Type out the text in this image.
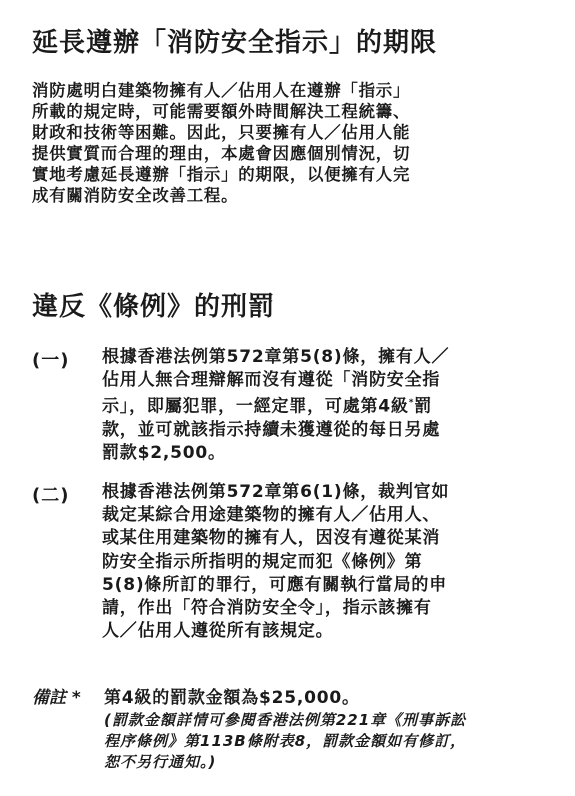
延長遵辦「消防安全指示」的期限
消防處明白建築物擁有人／佔用人在遵辦「指示」
所載的規定時，可能需要額外時間解決工程統籌、
財政和技術等困難。因此，只要擁有人／佔用人能
提供實質而合理的理由，本處會因應個別情況，切
實地考慮延長遵辦「指示」的期限，以便擁有人完
成有關消防安全改善工程。
違反《條例》的刑罰
(一) 根據香港法例第572章第5(8)條，擁有人／
佔用人無合理辯解而沒有遵從「消防安全指
示」，即屬犯罪，一經定罪，可處第4級*罰
款，並可就該指示持續未獲遵從的每日另處
罰款$2,500。
(二) 根據香港法例第572章第6(1)條，裁判官如
裁定某綜合用途建築物的擁有人／佔用人、
或某住用建築物的擁有人，因沒有遵從某消
防安全指示所指明的規定而犯《條例》第
5(8)條所訂的罪行，可應有關執行當局的申
請，作出「符合消防安全令」，指示該擁有
人／佔用人遵從所有該規定。
備註 * 第4級的罰款金額為$25,000。
(罰款金額詳情可參閱香港法例第221章《刑事訴訟
程序條例》第113B條附表8，罰款金額如有修訂，
恕不另行通知。)
